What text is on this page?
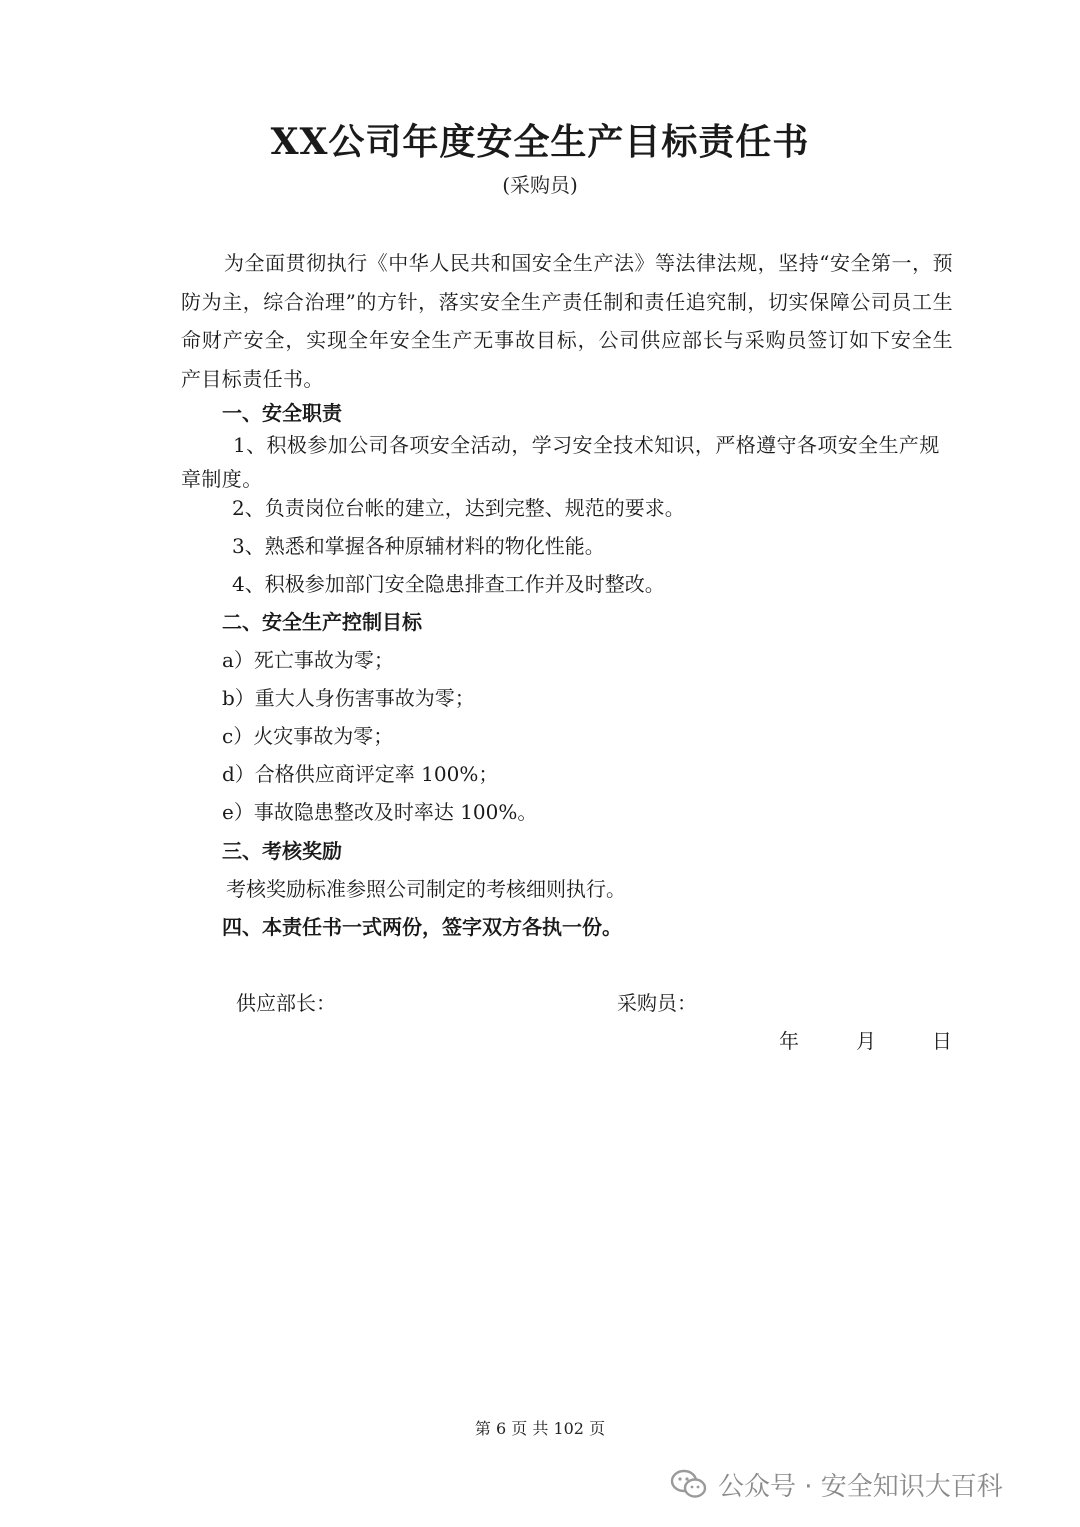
XX公司年度安全生产目标责任书
(采购员)
为全面贯彻执行《中华人民共和国安全生产法》等法律法规，坚持“安全第一，预防为主，综合治理”的方针，落实安全生产责任制和责任追究制，切实保障公司员工生命财产安全，实现全年安全生产无事故目标，公司供应部长与采购员签订如下安全生产目标责任书。
一、安全职责
1、积极参加公司各项安全活动，学习安全技术知识，严格遵守各项安全生产规章制度。
2、负责岗位台帐的建立，达到完整、规范的要求。
3、熟悉和掌握各种原辅材料的物化性能。
4、积极参加部门安全隐患排查工作并及时整改。
二、安全生产控制目标
a）死亡事故为零；
b）重大人身伤害事故为零；
c）火灾事故为零；
d）合格供应商评定率 100%；
e）事故隐患整改及时率达 100%。
三、考核奖励
考核奖励标准参照公司制定的考核细则执行。
四、本责任书一式两份，签字双方各执一份。
供应部长：	采购员：
年	月	日
第 6 页 共 102 页
公众号 · 安全知识大百科
